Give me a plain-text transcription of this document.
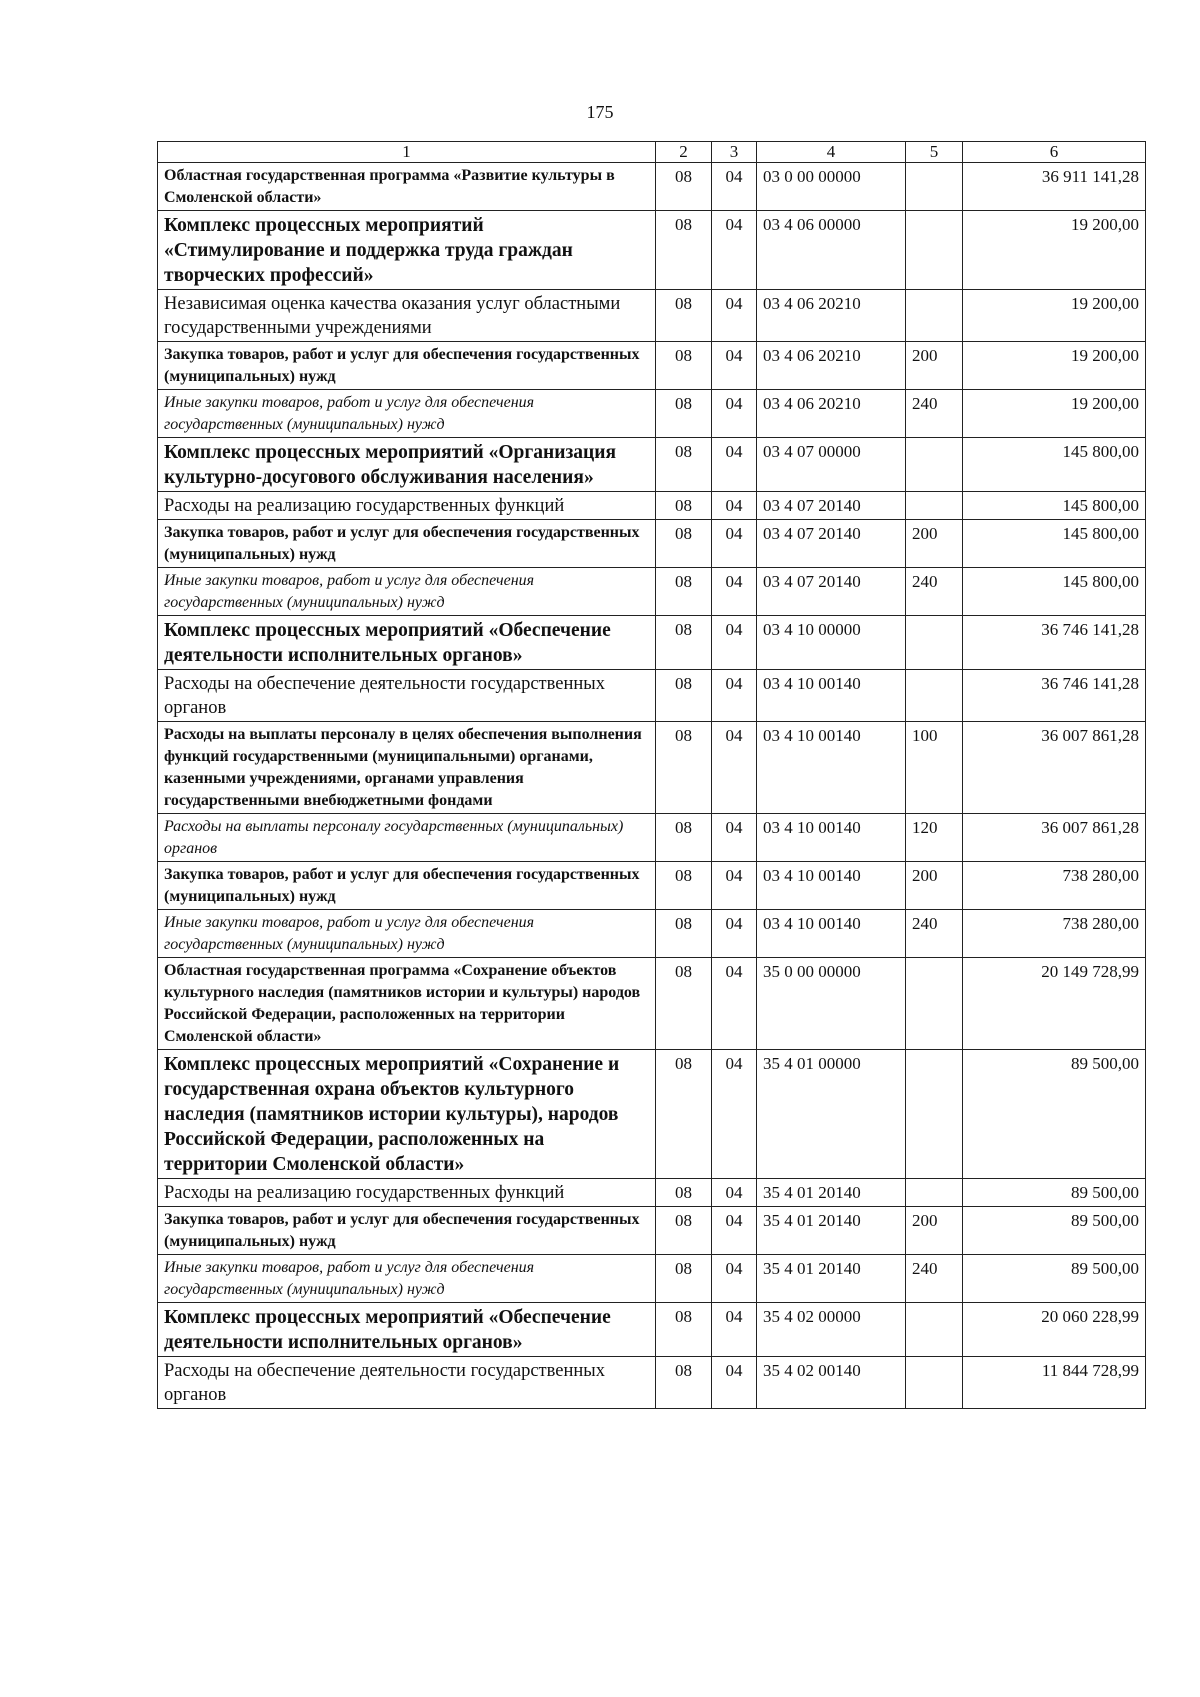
175
1	2	3	4	5	6
Областная государственная программа «Развитие культуры в Смоленской области»	08	04	03 0 00 00000		36 911 141,28
Комплекс процессных мероприятий «Стимулирование и поддержка труда граждан творческих профессий»	08	04	03 4 06 00000		19 200,00
Независимая оценка качества оказания услуг областными государственными учреждениями	08	04	03 4 06 20210		19 200,00
Закупка товаров, работ и услуг для обеспечения государственных (муниципальных) нужд	08	04	03 4 06 20210	200	19 200,00
Иные закупки товаров, работ и услуг для обеспечения государственных (муниципальных) нужд	08	04	03 4 06 20210	240	19 200,00
Комплекс процессных мероприятий «Организация культурно-досугового обслуживания населения»	08	04	03 4 07 00000		145 800,00
Расходы на реализацию государственных функций	08	04	03 4 07 20140		145 800,00
Закупка товаров, работ и услуг для обеспечения государственных (муниципальных) нужд	08	04	03 4 07 20140	200	145 800,00
Иные закупки товаров, работ и услуг для обеспечения государственных (муниципальных) нужд	08	04	03 4 07 20140	240	145 800,00
Комплекс процессных мероприятий «Обеспечение деятельности исполнительных органов»	08	04	03 4 10 00000		36 746 141,28
Расходы на обеспечение деятельности государственных органов	08	04	03 4 10 00140		36 746 141,28
Расходы на выплаты персоналу в целях обеспечения выполнения функций государственными (муниципальными) органами, казенными учреждениями, органами управления государственными внебюджетными фондами	08	04	03 4 10 00140	100	36 007 861,28
Расходы на выплаты персоналу государственных (муниципальных) органов	08	04	03 4 10 00140	120	36 007 861,28
Закупка товаров, работ и услуг для обеспечения государственных (муниципальных) нужд	08	04	03 4 10 00140	200	738 280,00
Иные закупки товаров, работ и услуг для обеспечения государственных (муниципальных) нужд	08	04	03 4 10 00140	240	738 280,00
Областная государственная программа «Сохранение объектов культурного наследия (памятников истории и культуры) народов Российской Федерации, расположенных на территории Смоленской области»	08	04	35 0 00 00000		20 149 728,99
Комплекс процессных мероприятий «Сохранение и государственная охрана объектов культурного наследия (памятников истории культуры), народов Российской Федерации, расположенных на территории Смоленской области»	08	04	35 4 01 00000		89 500,00
Расходы на реализацию государственных функций	08	04	35 4 01 20140		89 500,00
Закупка товаров, работ и услуг для обеспечения государственных (муниципальных) нужд	08	04	35 4 01 20140	200	89 500,00
Иные закупки товаров, работ и услуг для обеспечения государственных (муниципальных) нужд	08	04	35 4 01 20140	240	89 500,00
Комплекс процессных мероприятий «Обеспечение деятельности исполнительных органов»	08	04	35 4 02 00000		20 060 228,99
Расходы на обеспечение деятельности государственных органов	08	04	35 4 02 00140		11 844 728,99
